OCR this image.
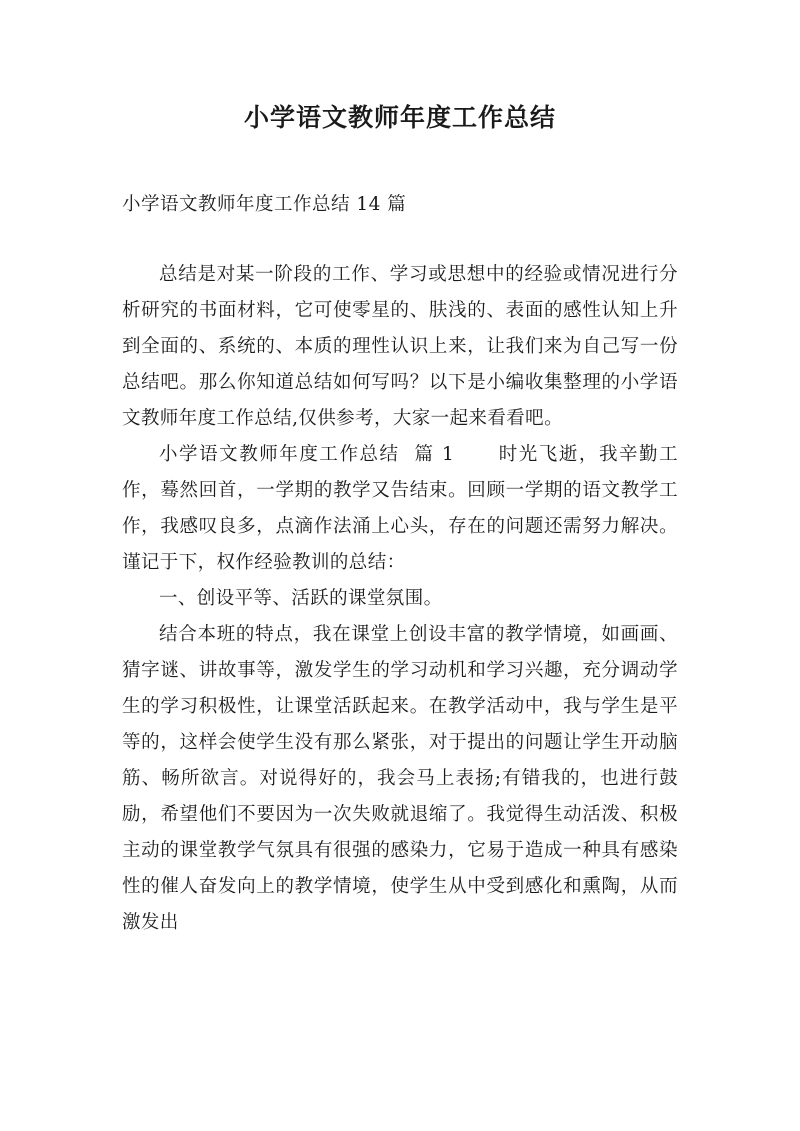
小学语文教师年度工作总结
小学语文教师年度工作总结 14 篇

总结是对某一阶段的工作、学习或思想中的经验或情况进行分析研究的书面材料，它可使零星的、肤浅的、表面的感性认知上升到全面的、系统的、本质的理性认识上来，让我们来为自己写一份总结吧。那么你知道总结如何写吗？以下是小编收集整理的小学语文教师年度工作总结,仅供参考，大家一起来看看吧。

小学语文教师年度工作总结  篇 1      时光飞逝，我辛勤工作，蓦然回首，一学期的教学又告结束。回顾一学期的语文教学工作，我感叹良多，点滴作法涌上心头，存在的问题还需努力解决。谨记于下，权作经验教训的总结：

一、创设平等、活跃的课堂氛围。

结合本班的特点，我在课堂上创设丰富的教学情境，如画画、猜字谜、讲故事等，激发学生的学习动机和学习兴趣，充分调动学生的学习积极性，让课堂活跃起来。在教学活动中，我与学生是平等的，这样会使学生没有那么紧张，对于提出的问题让学生开动脑筋、畅所欲言。对说得好的，我会马上表扬;有错我的，也进行鼓励，希望他们不要因为一次失败就退缩了。我觉得生动活泼、积极主动的课堂教学气氛具有很强的感染力，它易于造成一种具有感染性的催人奋发向上的教学情境，使学生从中受到感化和熏陶，从而激发出
